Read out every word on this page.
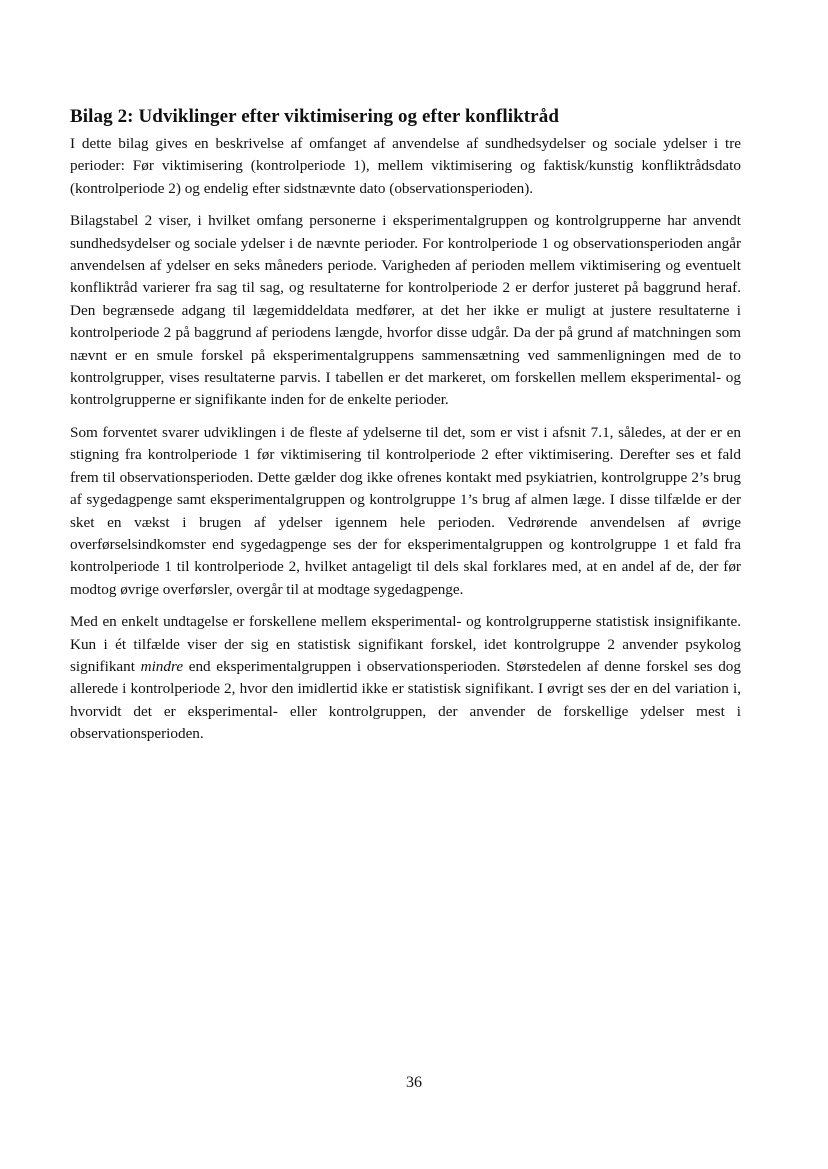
Bilag 2: Udviklinger efter viktimisering og efter konfliktråd

I dette bilag gives en beskrivelse af omfanget af anvendelse af sundhedsydelser og sociale ydelser i tre perioder: Før viktimisering (kontrolperiode 1), mellem viktimisering og faktisk/kunstig konfliktrådsdato (kontrolperiode 2) og endelig efter sidstnævnte dato (observationsperioden).

Bilagstabel 2 viser, i hvilket omfang personerne i eksperimentalgruppen og kontrolgrupperne har anvendt sundhedsydelser og sociale ydelser i de nævnte perioder. For kontrolperiode 1 og observationsperioden angår anvendelsen af ydelser en seks måneders periode. Varigheden af perioden mellem viktimisering og eventuelt konfliktråd varierer fra sag til sag, og resultaterne for kontrolperiode 2 er derfor justeret på baggrund heraf. Den begrænsede adgang til lægemiddeldata medfører, at det her ikke er muligt at justere resultaterne i kontrolperiode 2 på baggrund af periodens længde, hvorfor disse udgår. Da der på grund af matchningen som nævnt er en smule forskel på eksperimentalgruppens sammensætning ved sammenligningen med de to kontrolgrupper, vises resultaterne parvis. I tabellen er det markeret, om forskellen mellem eksperimental- og kontrolgrupperne er signifikante inden for de enkelte perioder.

Som forventet svarer udviklingen i de fleste af ydelserne til det, som er vist i afsnit 7.1, således, at der er en stigning fra kontrolperiode 1 før viktimisering til kontrolperiode 2 efter viktimisering. Derefter ses et fald frem til observationsperioden. Dette gælder dog ikke ofrenes kontakt med psykiatrien, kontrolgruppe 2’s brug af sygedagpenge samt eksperimentalgruppen og kontrolgruppe 1’s brug af almen læge. I disse tilfælde er der sket en vækst i brugen af ydelser igennem hele perioden. Vedrørende anvendelsen af øvrige overførselsindkomster end sygedagpenge ses der for eksperimentalgruppen og kontrolgruppe 1 et fald fra kontrolperiode 1 til kontrolperiode 2, hvilket antageligt til dels skal forklares med, at en andel af de, der før modtog øvrige overførsler, overgår til at modtage sygedagpenge.

Med en enkelt undtagelse er forskellene mellem eksperimental- og kontrolgrupperne statistisk insignifikante. Kun i ét tilfælde viser der sig en statistisk signifikant forskel, idet kontrolgruppe 2 anvender psykolog signifikant mindre end eksperimentalgruppen i observationsperioden. Størstedelen af denne forskel ses dog allerede i kontrolperiode 2, hvor den imidlertid ikke er statistisk signifikant. I øvrigt ses der en del variation i, hvorvidt det er eksperimental- eller kontrolgruppen, der anvender de forskellige ydelser mest i observationsperioden.

36
